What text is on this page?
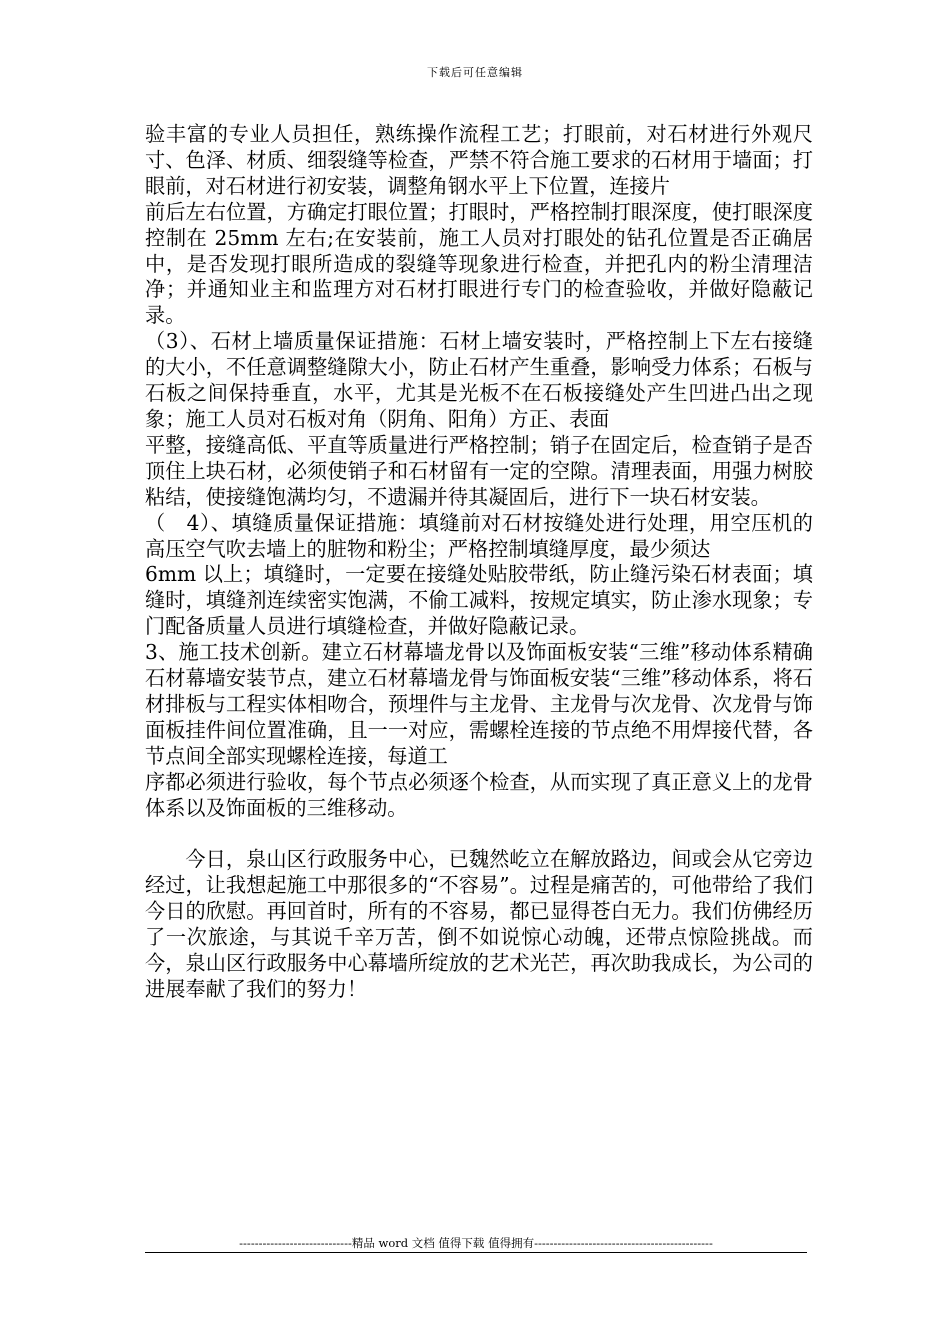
下载后可任意编辑

验丰富的专业人员担任，熟练操作流程工艺；打眼前，对石材进行外观尺寸、色泽、材质、细裂缝等检查，严禁不符合施工要求的石材用于墙面；打眼前，对石材进行初安装，调整角钢水平上下位置，连接片

前后左右位置，方确定打眼位置；打眼时，严格控制打眼深度，使打眼深度控制在 25mm 左右;在安装前，施工人员对打眼处的钻孔位置是否正确居中，是否发现打眼所造成的裂缝等现象进行检查，并把孔内的粉尘清理洁净；并通知业主和监理方对石材打眼进行专门的检查验收，并做好隐蔽记录。

（3）、石材上墙质量保证措施：石材上墙安装时，严格控制上下左右接缝的大小，不任意调整缝隙大小，防止石材产生重叠，影响受力体系；石板与石板之间保持垂直，水平，尤其是光板不在石板接缝处产生凹进凸出之现象；施工人员对石板对角（阴角、阳角）方正、表面

平整，接缝高低、平直等质量进行严格控制；销子在固定后，检查销子是否顶住上块石材，必须使销子和石材留有一定的空隙。清理表面，用强力树胶粘结，使接缝饱满均匀，不遗漏并待其凝固后，进行下一块石材安装。

（　4）、填缝质量保证措施：填缝前对石材按缝处进行处理，用空压机的高压空气吹去墙上的脏物和粉尘；严格控制填缝厚度，最少须达

6mm 以上；填缝时，一定要在接缝处贴胶带纸，防止缝污染石材表面；填缝时，填缝剂连续密实饱满，不偷工减料，按规定填实，防止渗水现象；专门配备质量人员进行填缝检查，并做好隐蔽记录。

3、施工技术创新。建立石材幕墙龙骨以及饰面板安装“三维”移动体系精确石材幕墙安装节点，建立石材幕墙龙骨与饰面板安装“三维”移动体系，将石材排板与工程实体相吻合，预埋件与主龙骨、主龙骨与次龙骨、次龙骨与饰面板挂件间位置准确，且一一对应，需螺栓连接的节点绝不用焊接代替，各节点间全部实现螺栓连接，每道工

序都必须进行验收，每个节点必须逐个检查，从而实现了真正意义上的龙骨体系以及饰面板的三维移动。

今日，泉山区行政服务中心，已魏然屹立在解放路边，间或会从它旁边经过，让我想起施工中那很多的“不容易”。过程是痛苦的，可他带给了我们今日的欣慰。再回首时，所有的不容易，都已显得苍白无力。我们仿佛经历了一次旅途，与其说千辛万苦，倒不如说惊心动魄，还带点惊险挑战。而今，泉山区行政服务中心幕墙所绽放的艺术光芒，再次助我成长，为公司的进展奉献了我们的努力！

-----------------------------精品 word 文档 值得下载 值得拥有----------------------------------------------
